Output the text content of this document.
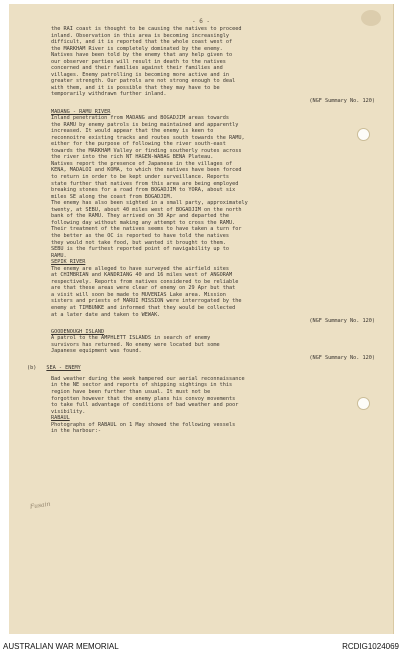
- 6 -
Fusain
the RAI coast is thought to be causing the natives to proceed
inland. Observation in this area is becoming increasingly
difficult, and it is reported that the whole coast west of
the MARKHAM River is completely dominated by the enemy.
Natives have been told by the enemy that any help given to
our observer parties will result in death to the natives
concerned and their families against their families and
villages. Enemy patrolling is becoming more active and in
greater strength. Our patrols are not strong enough to deal
with them, and it is possible that they may have to be
temporarily withdrawn further inland.
(NGF Summary No. 120)
MADANG - RAMU RIVER
Inland penetration from MADANG and BOGADJIM areas towards
the RAMU by enemy patrols is being maintained and apparently
increased. It would appear that the enemy is keen to
reconnoitre existing tracks and routes south towards the RAMU,
either for the purpose of following the river south-east
towards the MARKHAM Valley or finding southerly routes across
the river into the rich NT HAGEN-WABAG BENA Plateau.
Natives report the presence of Japanese in the villages of
KENA, MADALOI and KOMA, to which the natives have been forced
to return in order to be kept under surveillance. Reports
state further that natives from this area are being employed
breaking stones for a road from BOGADJIM to YORA, about six
miles SE along the coast from BOGADJIM.
The enemy has also been sighted in a small party, approximately
twenty, at SEBU, about 40 miles west of BOGADJIM on the north
bank of the RAMU. They arrived on 30 Apr and departed the
following day without making any attempt to cross the RAMU.
Their treatment of the natives seems to have taken a turn for
the better as the OC is reported to have told the natives
they would not take food, but wanted it brought to them.
SEBU is the furthest reported point of navigability up to
RAMU.
SEPIK RIVER
The enemy are alleged to have surveyed the airfield sites
at CHIMBRIAN and KANDRIANG 40 and 16 miles west of ANGORAM
respectively. Reports from natives considered to be reliable
are that these areas were clear of enemy on 29 Apr but that
a visit will soon be made to MUVENIAS Lake area. Mission
sisters and priests of MARUI MISSION were interrogated by the
enemy at TIMBUNKE and informed that they would be collected
at a later date and taken to WEWAK.
(NGF Summary No. 120)
GOODENOUGH ISLAND
A patrol to the AMPHLETT ISLANDS in search of enemy
survivors has returned. No enemy were located but some
Japanese equipment was found.
(NGF Summary No. 120)
(b) SEA - ENEMY
Bad weather during the week hampered our aerial reconnaissance
in the NE sector and reports of shipping sightings in this
region have been further than usual. It must not be
forgotten however that the enemy plans his convoy movements
to take full advantage of conditions of bad weather and poor
visibility.
RABAUL
Photographs of RABAUL on 1 May showed the following vessels
in the harbour:-
AUSTRALIAN WAR MEMORIAL	RCDIG1024069
